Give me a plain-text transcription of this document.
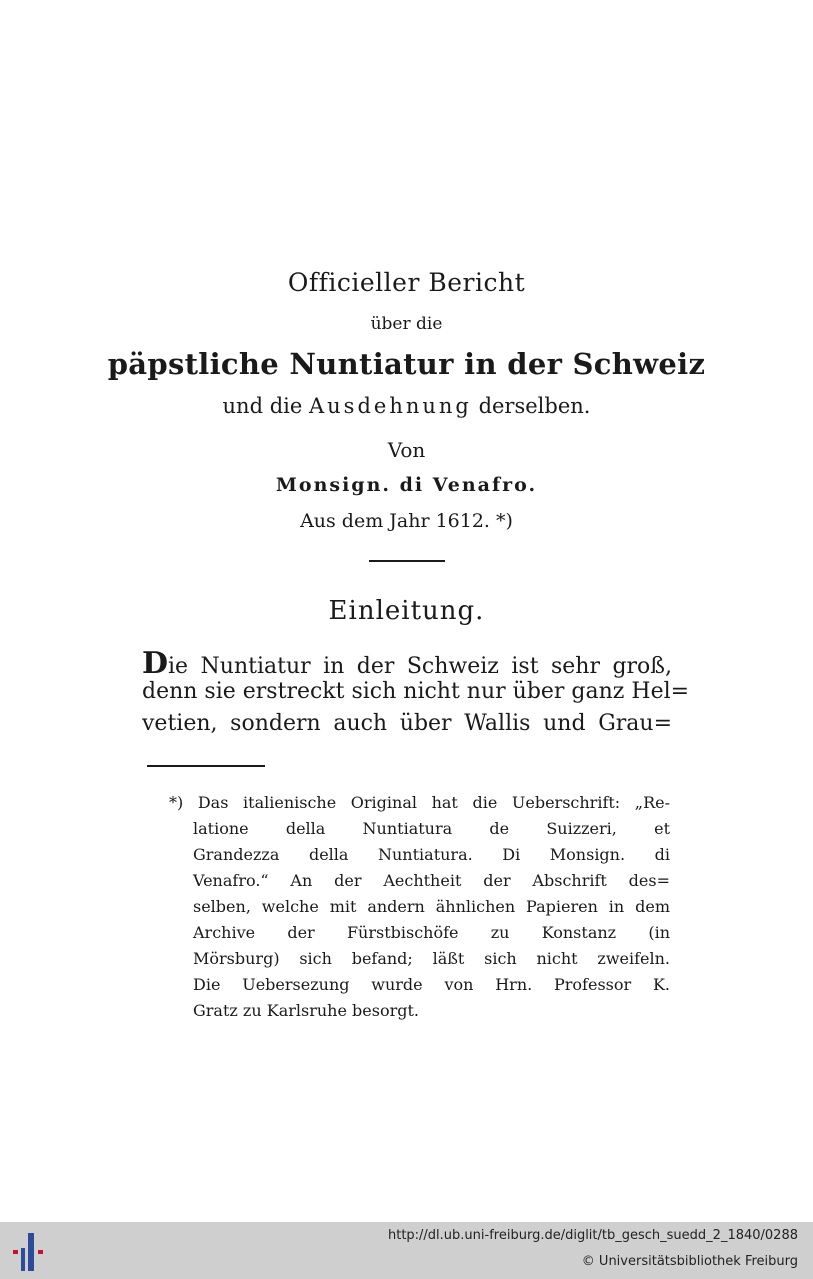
Officieller Bericht
über die
päpstliche Nuntiatur in der Schweiz
und die Ausdehnung derselben.
Von
Monsign. di Venafro.
Aus dem Jahr 1612. *)
Einleitung.
Die Nuntiatur in der Schweiz ist sehr groß,
denn sie erstreckt sich nicht nur über ganz Hel=
vetien, sondern auch über Wallis und Grau=
*) Das italienische Original hat die Ueberschrift: „Re-
latione della Nuntiatura de Suizzeri, et
Grandezza della Nuntiatura. Di Monsign. di
Venafro.“ An der Aechtheit der Abschrift des=
selben, welche mit andern ähnlichen Papieren in dem
Archive der Fürstbischöfe zu Konstanz (in
Mörsburg) sich befand; läßt sich nicht zweifeln.
Die Uebersezung wurde von Hrn. Professor K.
Gratz zu Karlsruhe besorgt.
http://dl.ub.uni-freiburg.de/diglit/tb_gesch_suedd_2_1840/0288
© Universitätsbibliothek Freiburg
